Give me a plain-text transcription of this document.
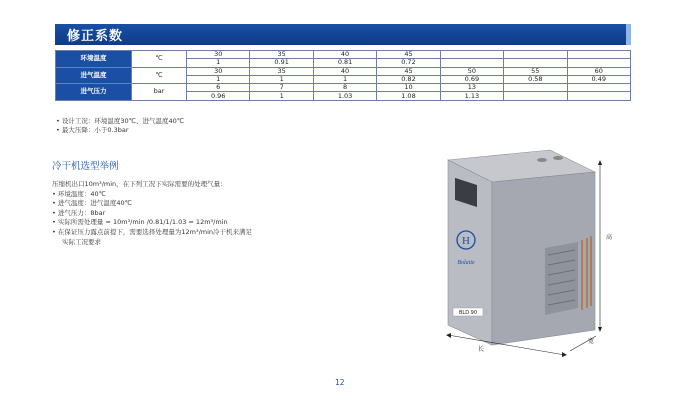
修正系数
环境温度	℃	30	35	40	45			
		1	0.91	0.81	0.72			
进气温度	℃	30	35	40	45	50	55	60
		1	1	1	0.82	0.69	0.58	0.49
进气压力	bar	6	7	8	10	13		
		0.96	1	1.03	1.08	1.13		
• 设计工况：环境温度30℃、进气温度40℃
• 最大压降：小于0.3bar
冷干机选型举例
压缩机出口10m³/min，在下列工况下实际需要的处理气量：
• 环境温度：40℃
• 进气温度：进气温度40℃
• 进气压力：8bar
• 实际所需处理量 = 10m³/min /0.81/1/1.03 = 12m³/min
• 在保证压力露点前提下，需要选择处理量为12m³/min冷干机来满足
实际工况要求	H
Bolaite
BLD 90
高
宽
长
12
